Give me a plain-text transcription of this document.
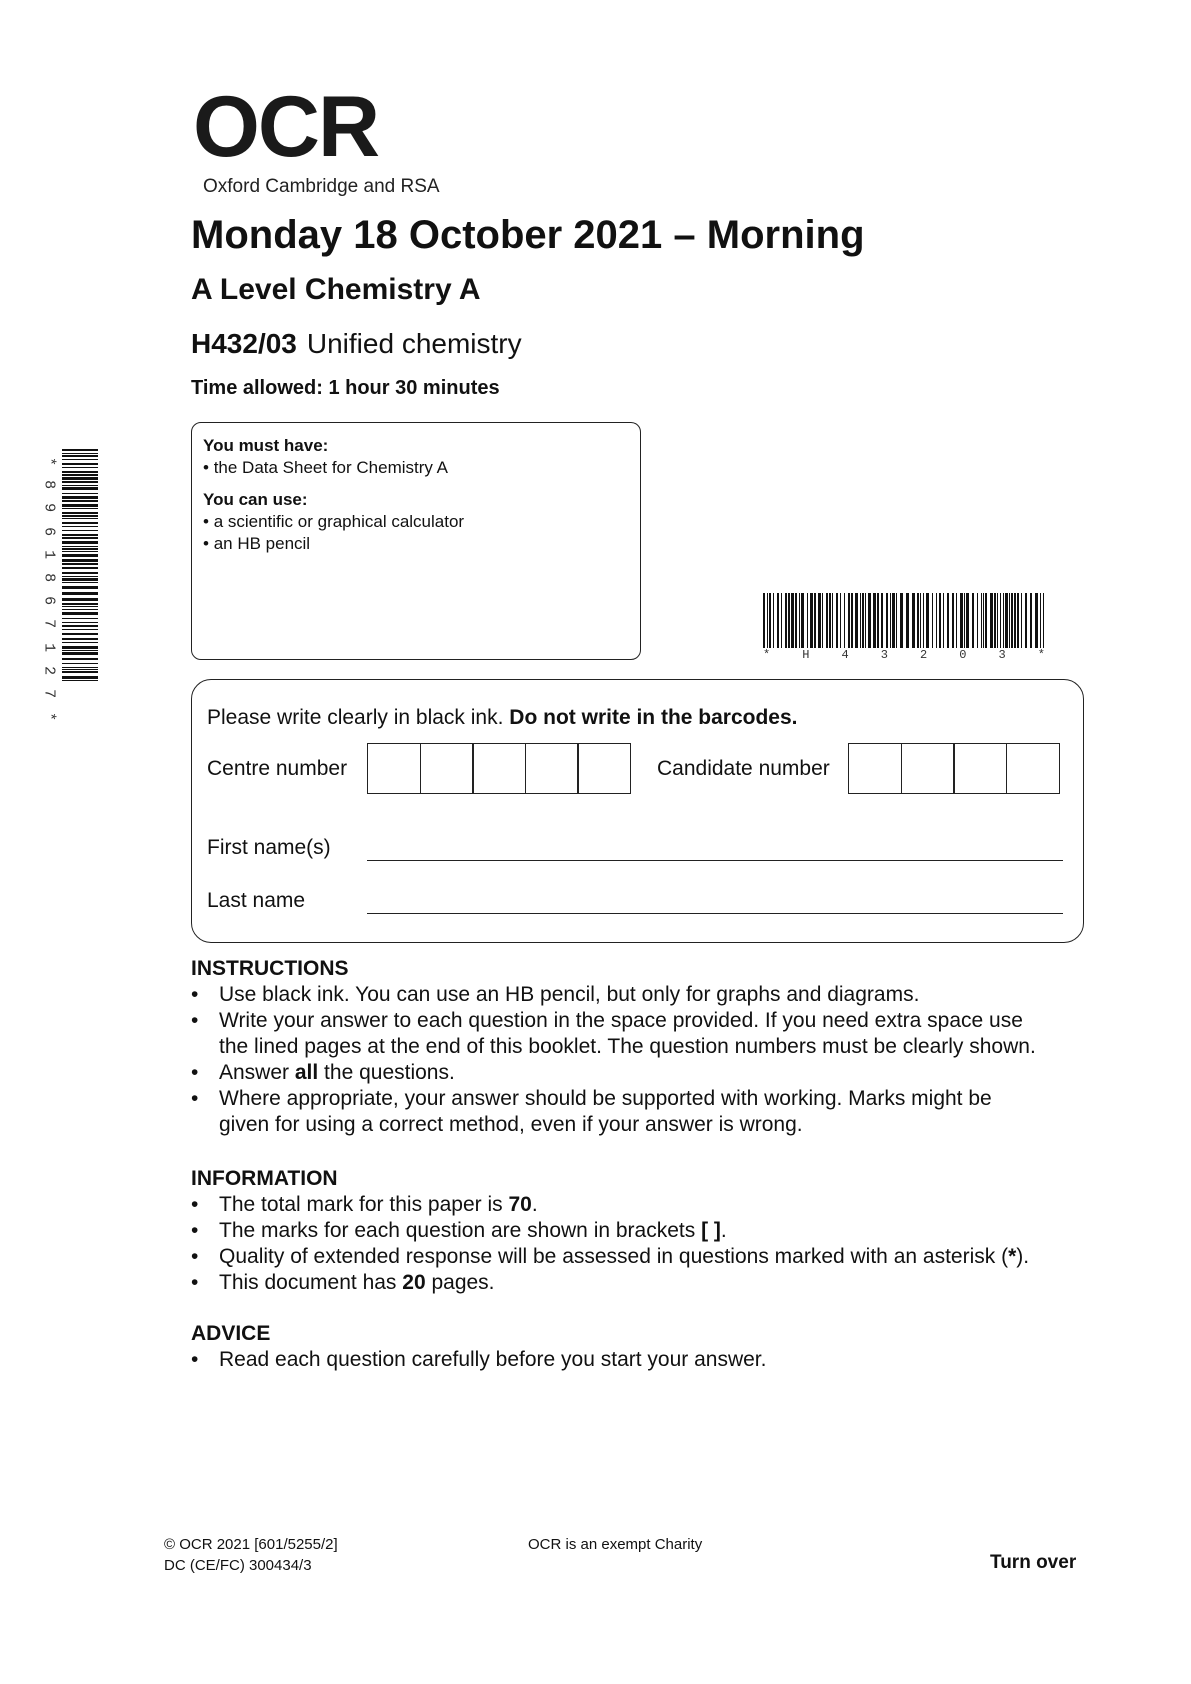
OCR
Oxford Cambridge and RSA
Monday 18 October 2021 – Morning
A Level Chemistry A
H432/03 Unified chemistry
Time allowed: 1 hour 30 minutes
You must have:
• the Data Sheet for Chemistry A
You can use:
• a scientific or graphical calculator
• an HB pencil
*
8
9
6
1
8
6
7
1
2
7
*
*	H	4	3	2	0	3	*
Please write clearly in black ink. Do not write in the barcodes.
Centre number	Candidate number
First name(s)
Last name
INSTRUCTIONS
• Use black ink. You can use an HB pencil, but only for graphs and diagrams.
• Write your answer to each question in the space provided. If you need extra space use
the lined pages at the end of this booklet. The question numbers must be clearly shown.
• Answer all the questions.
• Where appropriate, your answer should be supported with working. Marks might be
given for using a correct method, even if your answer is wrong.
INFORMATION
• The total mark for this paper is 70.
• The marks for each question are shown in brackets [ ].
• Quality of extended response will be assessed in questions marked with an asterisk (*).
• This document has 20 pages.
ADVICE
• Read each question carefully before you start your answer.
© OCR 2021 [601/5255/2]
DC (CE/FC) 300434/3
OCR is an exempt Charity
Turn over
